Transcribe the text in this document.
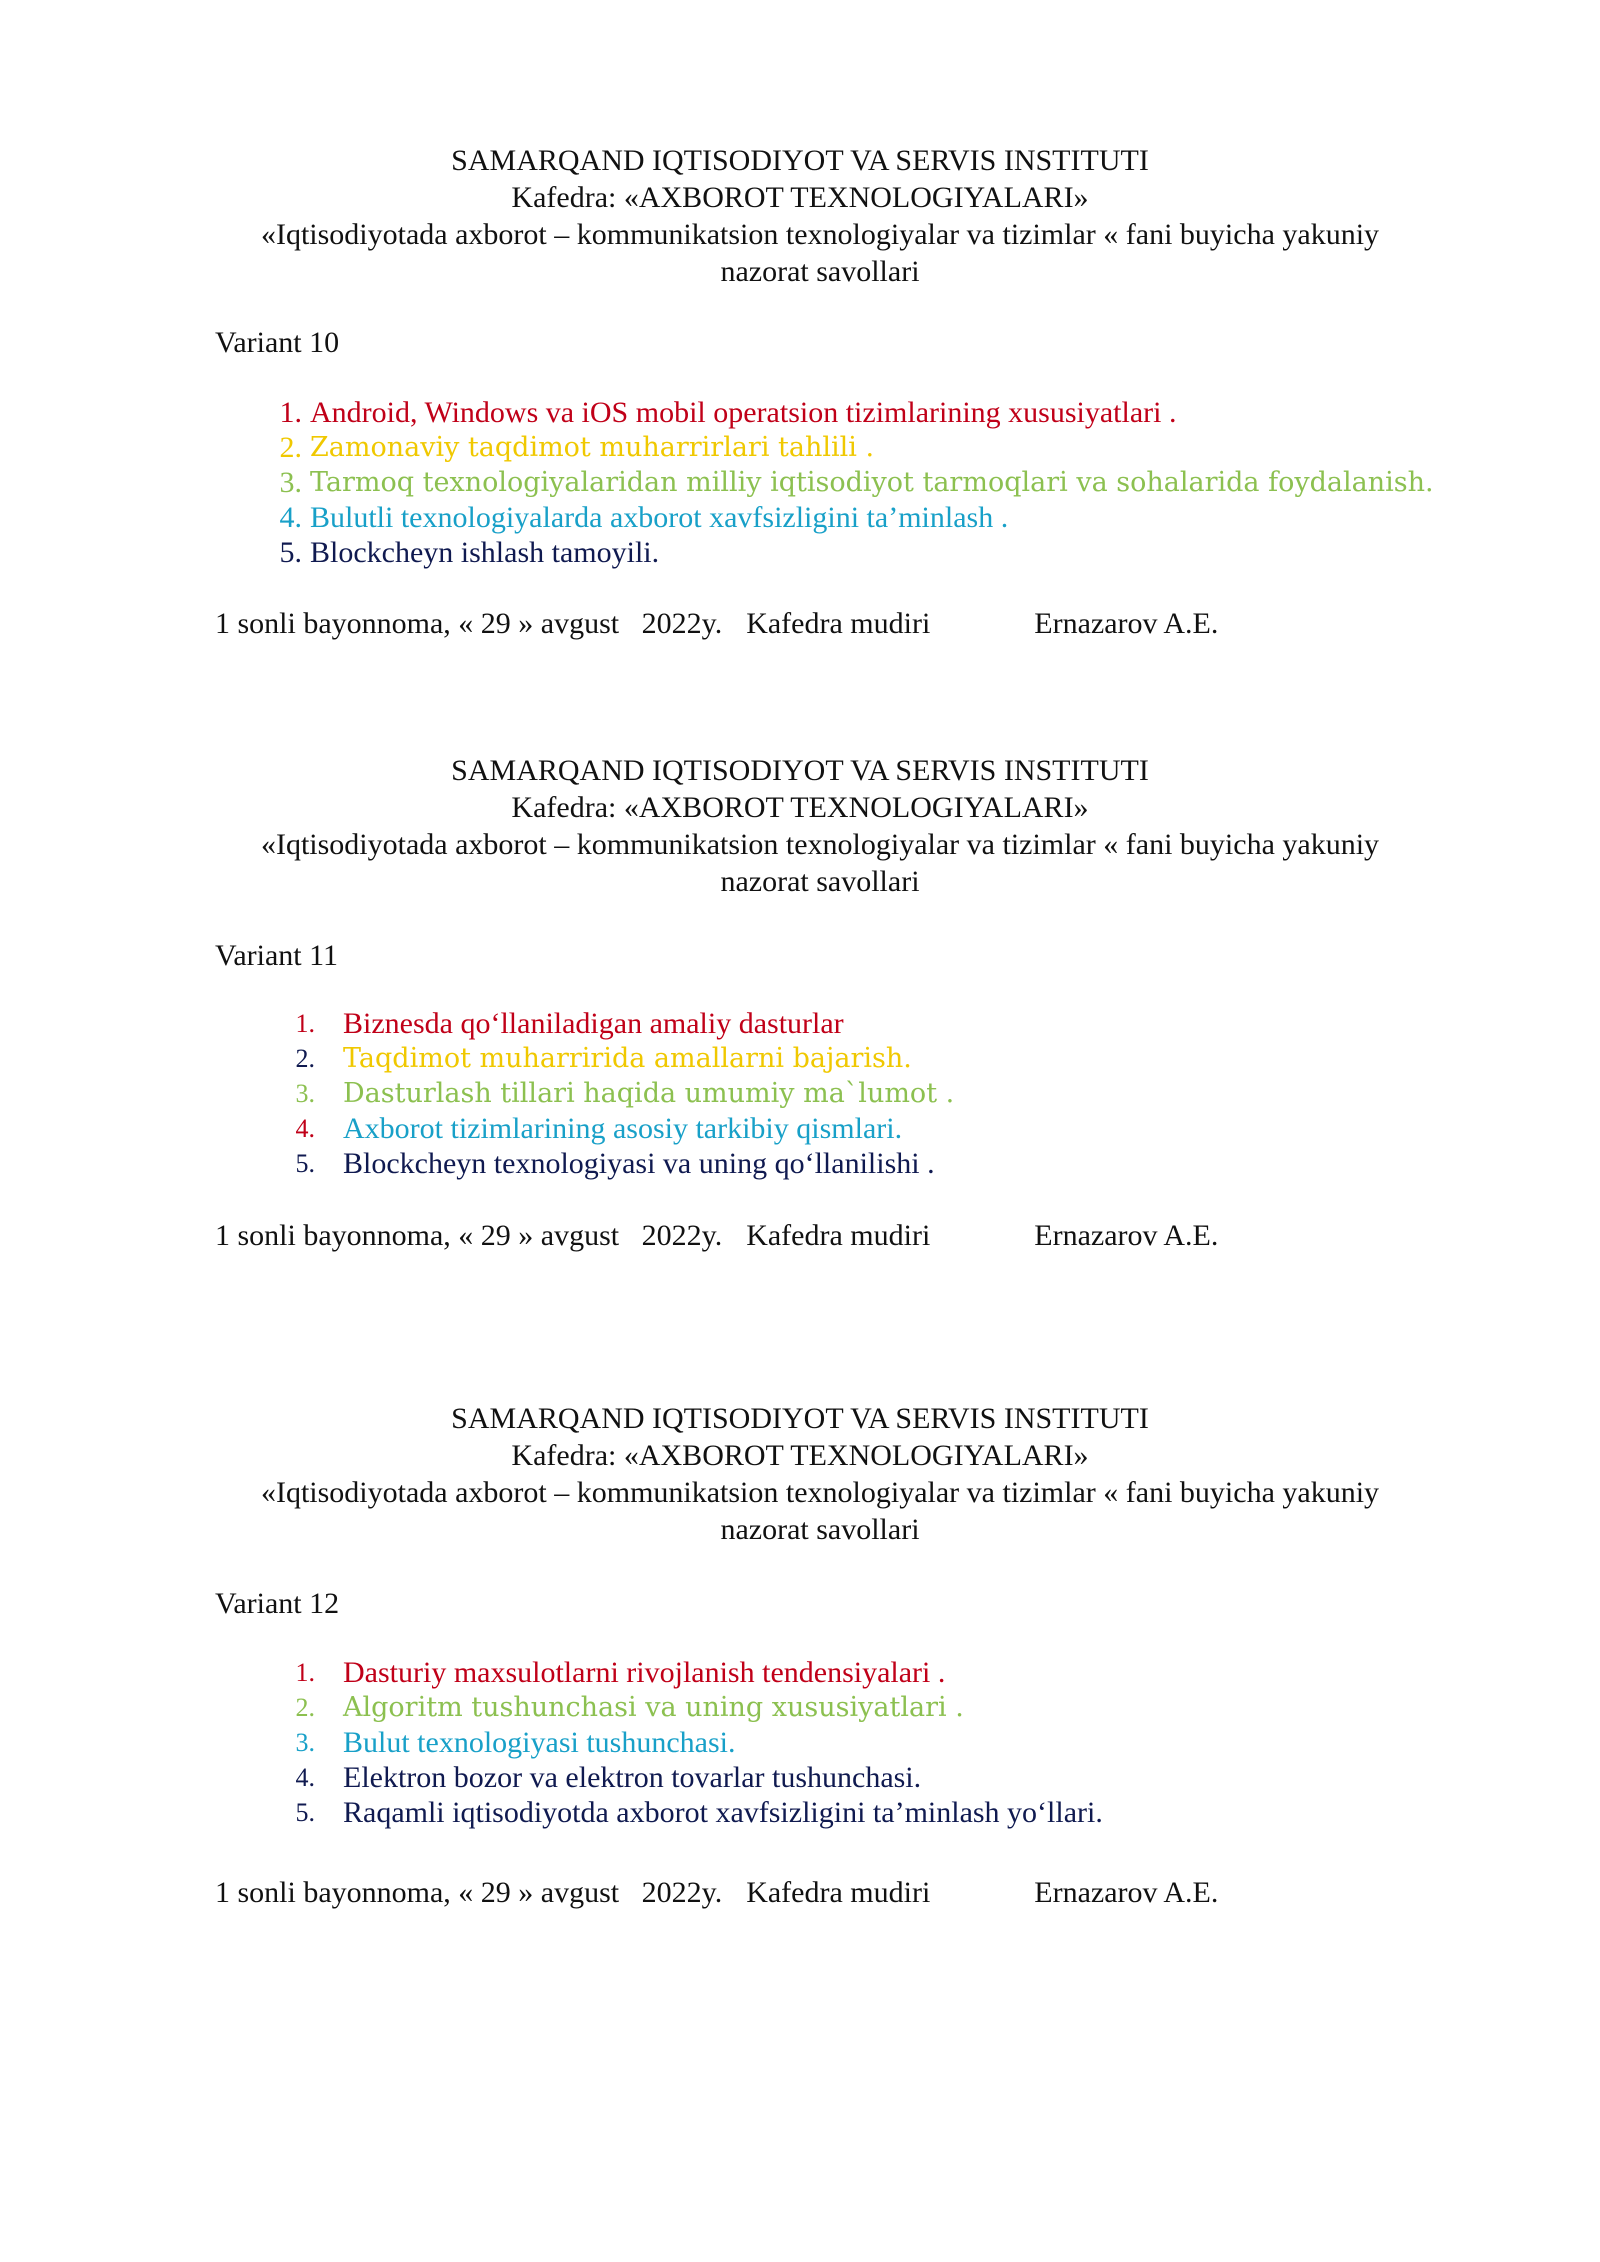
SAMARQAND IQTISODIYOT VA SERVIS INSTITUTI
Kafedra: «AXBOROT TEXNOLOGIYALARI»
«Iqtisodiyotada axborot – kommunikatsion texnologiyalar va tizimlar « fani buyicha yakuniy nazorat savollari
Variant 10
1. Android, Windows va iOS mobil operatsion tizimlarining xususiyatlari .
2. Zamonaviy taqdimot muharrirlari tahlili .
3. Tarmoq texnologiyalaridan milliy iqtisodiyot tarmoqlari va sohalarida foydalanish.
4. Bulutli texnologiyalarda axborot xavfsizligini ta’minlash .
5. Blockcheyn ishlash tamoyili.
1 sonli bayonnoma, « 29 » avgust   2022y. Kafedra mudiri	Ernazarov A.E.
SAMARQAND IQTISODIYOT VA SERVIS INSTITUTI
Kafedra: «AXBOROT TEXNOLOGIYALARI»
«Iqtisodiyotada axborot – kommunikatsion texnologiyalar va tizimlar « fani buyicha yakuniy nazorat savollari
Variant 11
1. Biznesda qo‘llaniladigan amaliy dasturlar
2. Taqdimot muharririda amallarni bajarish.
3. Dasturlash tillari haqida umumiy ma`lumot .
4. Axborot tizimlarining asosiy tarkibiy qismlari.
5. Blockcheyn texnologiyasi va uning qo‘llanilishi .
1 sonli bayonnoma, « 29 » avgust   2022y. Kafedra mudiri	Ernazarov A.E.
SAMARQAND IQTISODIYOT VA SERVIS INSTITUTI
Kafedra: «AXBOROT TEXNOLOGIYALARI»
«Iqtisodiyotada axborot – kommunikatsion texnologiyalar va tizimlar « fani buyicha yakuniy nazorat savollari
Variant 12
1. Dasturiy maxsulotlarni rivojlanish tendensiyalari .
2. Algoritm tushunchasi va uning xususiyatlari .
3. Bulut texnologiyasi tushunchasi.
4. Elektron bozor va elektron tovarlar tushunchasi.
5. Raqamli iqtisodiyotda axborot xavfsizligini ta’minlash yo‘llari.
1 sonli bayonnoma, « 29 » avgust   2022y. Kafedra mudiri	Ernazarov A.E.
